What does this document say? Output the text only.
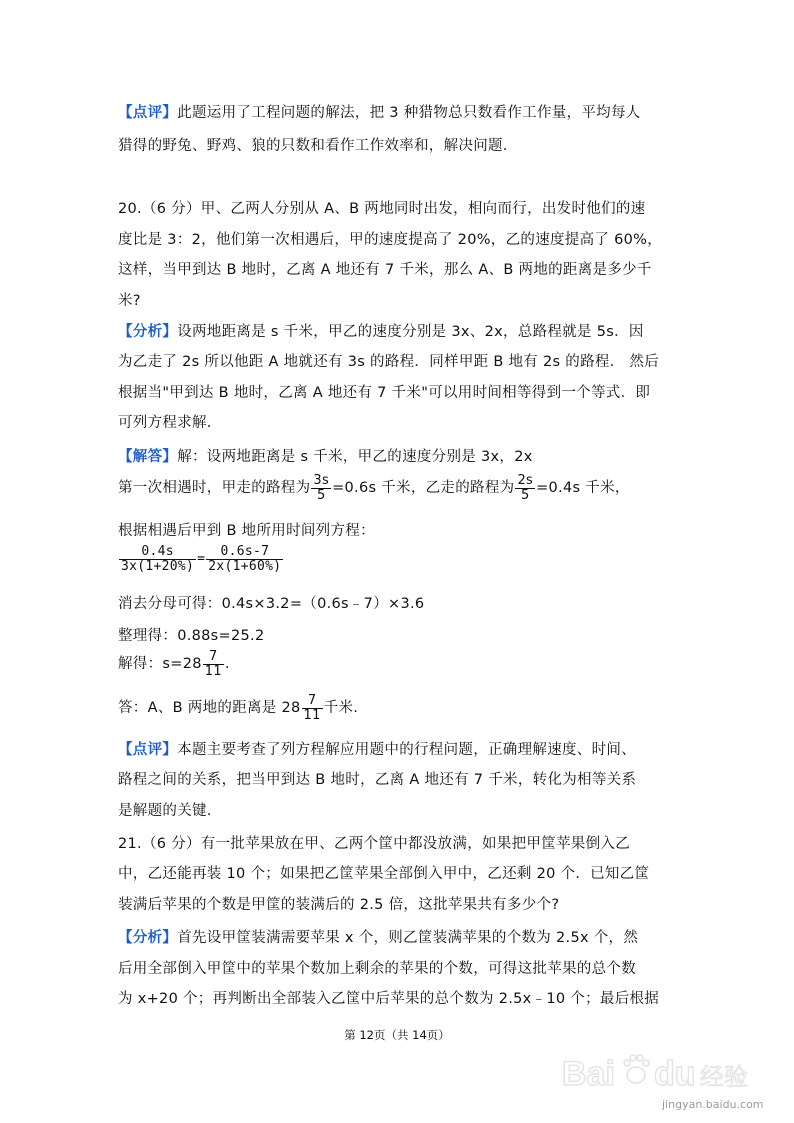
【点评】此题运用了工程问题的解法，把 3 种猎物总只数看作工作量，平均每人
猎得的野兔、野鸡、狼的只数和看作工作效率和，解决问题.
20.（6 分）甲、乙两人分别从 A、B 两地同时出发，相向而行，出发时他们的速
度比是 3：2，他们第一次相遇后，甲的速度提高了 20%，乙的速度提高了 60%，
这样，当甲到达 B 地时，乙离 A 地还有 7 千米，那么 A、B 两地的距离是多少千
米?
【分析】设两地距离是 s 千米，甲乙的速度分别是 3x、2x，总路程就是 5s．因
为乙走了 2s 所以他距 A 地就还有 3s 的路程．同样甲距 B 地有 2s 的路程． 然后
根据当"甲到达 B 地时，乙离 A 地还有 7 千米"可以用时间相等得到一个等式．即
可列方程求解.
【解答】解：设两地距离是 s 千米，甲乙的速度分别是 3x，2x
第一次相遇时，甲走的路程为 $\frac{3s}{5} =0.6s$ 千米，乙走的路程为 $\frac{2s}{5} =0.4s$ 千米，
根据相遇后甲到 B 地所用时间列方程：
$\frac{0.4s}{3x(1+20\%)} = \frac{0.6s-7}{2x(1+60\%)}$
消去分母可得：0.4s×3.2=（0.6s﹣7）×3.6
整理得：0.88s=25.2
解得：$s=28 \frac{7}{11}$ .
答：A、B 两地的距离是 $28 \frac{7}{11}$ 千米.
【点评】本题主要考查了列方程解应用题中的行程问题，正确理解速度、时间、
路程之间的关系，把当甲到达 B 地时，乙离 A 地还有 7 千米，转化为相等关系
是解题的关键.
21.（6 分）有一批苹果放在甲、乙两个筐中都没放满，如果把甲筐苹果倒入乙
中，乙还能再装 10 个；如果把乙筐苹果全部倒入甲中，乙还剩 20 个．已知乙筐
装满后苹果的个数是甲筐的装满后的 2.5 倍，这批苹果共有多少个?
【分析】首先设甲筐装满需要苹果 x 个，则乙筐装满苹果的个数为 2.5x 个，然
后用全部倒入甲筐中的苹果个数加上剩余的苹果的个数，可得这批苹果的总个数
为 x+20 个；再判断出全部装入乙筐中后苹果的总个数为 2.5x﹣10 个；最后根据
第 12页（共 14页）
Bai du 经验
jingyan.baidu.com
